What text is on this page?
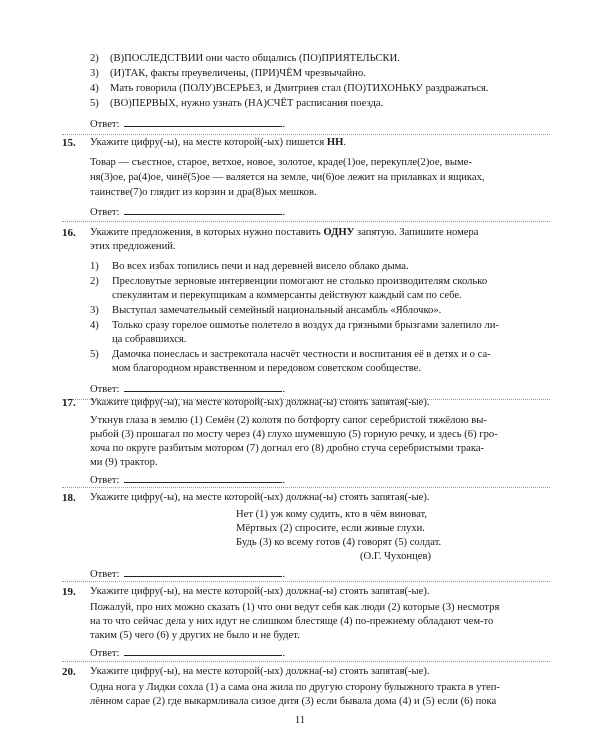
2) (В)ПОСЛЕДСТВИИ они часто общались (ПО)ПРИЯТЕЛЬСКИ.
3) (И)ТАК, факты преувеличены, (ПРИ)ЧЁМ чрезвычайно.
4) Мать говорила (ПОЛУ)ВСЕРЬЕЗ, и Дмитриев стал (ПО)ТИХОНЬКУ раздражаться.
5) (ВО)ПЕРВЫХ, нужно узнать (НА)СЧЁТ расписания поезда.
Ответ:	.
15. Укажите цифру(-ы), на месте которой(-ых) пишется НН.
Товар — съестное, старое, ветхое, новое, золотое, краде(1)ое, перекупле(2)ое, выме-
ня(3)ое, ра(4)ое, чинё(5)ое — валяется на земле, чи(6)ое лежит на прилавках и ящиках,
таинстве(7)о глядит из корзин и дра(8)ых мешков.
Ответ:	.
16. Укажите предложения, в которых нужно поставить ОДНУ запятую. Запишите номера
этих предложений.
1) Во всех избах топились печи и над деревней висело облако дыма.
2) Пресловутые зерновые интервенции помогают не столько производителям сколько
спекулянтам и перекупщикам а коммерсанты действуют каждый сам по себе.
3) Выступал замечательный семейный национальный ансамбль «Яблочко».
4) Только сразу горелое ошмотье полетело в воздух да грязными брызгами залепило ли-
ца собравшихся.
5) Дамочка понеслась и застрекотала насчёт честности и воспитания её в детях и о са-
мом благородном нравственном и передовом советском сообществе.
Ответ:	.
17. Укажите цифру(-ы), на месте которой(-ых) должна(-ы) стоять запятая(-ые).
Уткнув глаза в землю (1) Семён (2) колотя по ботфорту сапог серебристой тяжёлою вы-
рыбой (3) прошагал по мосту через (4) глухо шумевшую (5) горную речку, и здесь (6) гро-
хоча по округе разбитым мотором (7) догнал его (8) дробно стуча серебристыми трака-
ми (9) трактор.
Ответ:	.
18. Укажите цифру(-ы), на месте которой(-ых) должна(-ы) стоять запятая(-ые).
Нет (1) уж кому судить, кто в чём виноват,
Мёртвых (2) спросите, если живые глухи.
Будь (3) ко всему готов (4) говорят (5) солдат.
(О.Г. Чухонцев)
Ответ:	.
19. Укажите цифру(-ы), на месте которой(-ых) должна(-ы) стоять запятая(-ые).
Пожалуй, про них можно сказать (1) что они ведут себя как люди (2) которые (3) несмотря
на то что сейчас дела у них идут не слишком блестяще (4) по-прежнему обладают чем-то
таким (5) чего (6) у других не было и не будет.
Ответ:	.
11
20. Укажите цифру(-ы), на месте которой(-ых) должна(-ы) стоять запятая(-ые).
Одна нога у Лидки сохла (1) а сама она жила по другую сторону булыжного тракта в утеп-
лённом сарае (2) где выкармливала сизое дитя (3) если бывала дома (4) и (5) если (6) пока
